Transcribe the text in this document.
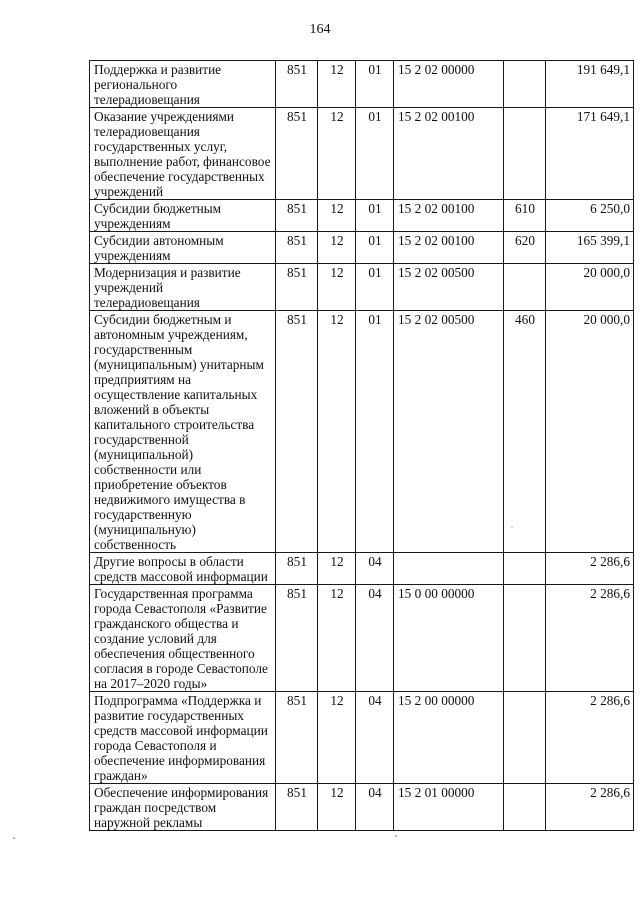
164
Поддержка и развитие регионального телерадиовещания	851	12	01	15 2 02 00000		191 649,1
Оказание учреждениями телерадиовещания государственных услуг, выполнение работ, финансовое обеспечение государственных учреждений	851	12	01	15 2 02 00100		171 649,1
Субсидии бюджетным учреждениям	851	12	01	15 2 02 00100	610	6 250,0
Субсидии автономным учреждениям	851	12	01	15 2 02 00100	620	165 399,1
Модернизация и развитие учреждений телерадиовещания	851	12	01	15 2 02 00500		20 000,0
Субсидии бюджетным и автономным учреждениям, государственным (муниципальным) унитарным предприятиям на осуществление капитальных вложений в объекты капитального строительства государственной (муниципальной) собственности или приобретение объектов недвижимого имущества в государственную (муниципальную) собственность	851	12	01	15 2 02 00500	460	20 000,0
Другие вопросы в области средств массовой информации	851	12	04			2 286,6
Государственная программа города Севастополя «Развитие гражданского общества и создание условий для обеспечения общественного согласия в городе Севастополе на 2017–2020 годы»	851	12	04	15 0 00 00000		2 286,6
Подпрограмма «Поддержка и развитие государственных средств массовой информации города Севастополя и обеспечение информирования граждан»	851	12	04	15 2 00 00000		2 286,6
Обеспечение информирования граждан посредством наружной рекламы	851	12	04	15 2 01 00000		2 286,6
